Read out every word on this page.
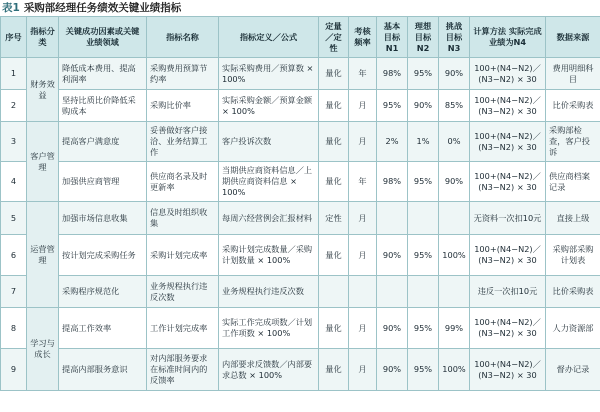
表1 采购部经理任务绩效关键业绩指标
序号	指标分类	关键成功因素或关键业绩领域	指标名称	指标定义／公式	定量／定性	考核频率	基本目标N1	理想目标N2	挑战目标N3	计算方法 实际完成业绩为N4	数据来源
1	财务效益	降低成本费用、提高利润率	采购费用预算节约率	实际采购费用／预算数 × 100%	量化	年	98%	95%	90%	100+(N4−N2)／(N3−N2) × 30	费用明细科目
2		坚持比质比价降低采购成本	采购比价率	实际采购金额／预算金额 × 100%	量化	月	95%	90%	85%	100+(N4−N2)／(N3−N2) × 30	比价采购表
3	客户管理	提高客户满意度	妥善做好客户接洽、业务结算工作	客户投诉次数	量化	月	2%	1%	0%	100+(N4−N2)／(N3−N2) × 30	采购部检查，客户投诉
4		加强供应商管理	供应商名录及时更新率	当期供应商资料信息／上期供应商资料信息 × 100%	量化	年	98%	95%	90%	100+(N4−N2)／(N3−N2) × 30	供应商档案记录
5	运营管理	加强市场信息收集	信息及时组织收集	每周六经营例会汇报材料	定性	月				无资料一次扣10元	直接上级
6		按计划完成采购任务	采购计划完成率	采购计划完成数量／采购计划数量 × 100%	量化	月	90%	95%	100%	100+(N4−N2)／(N3−N2) × 30	采购部采购计划表
7		采购程序规范化	业务规程执行违反次数	业务规程执行违反次数						违反一次扣10元	比价采购表
8	学习与成长	提高工作效率	工作计划完成率	实际工作完成项数／计划工作项数 × 100%	量化	月	90%	95%	99%	100+(N4−N2)／(N3−N2) × 30	人力资源部
9		提高内部服务意识	对内部服务要求在标准时间内的反馈率	内部要求反馈数／内部要求总数 × 100%	量化	月	90%	95%	100%	100+(N4−N2)／(N3−N2) × 30	督办记录
